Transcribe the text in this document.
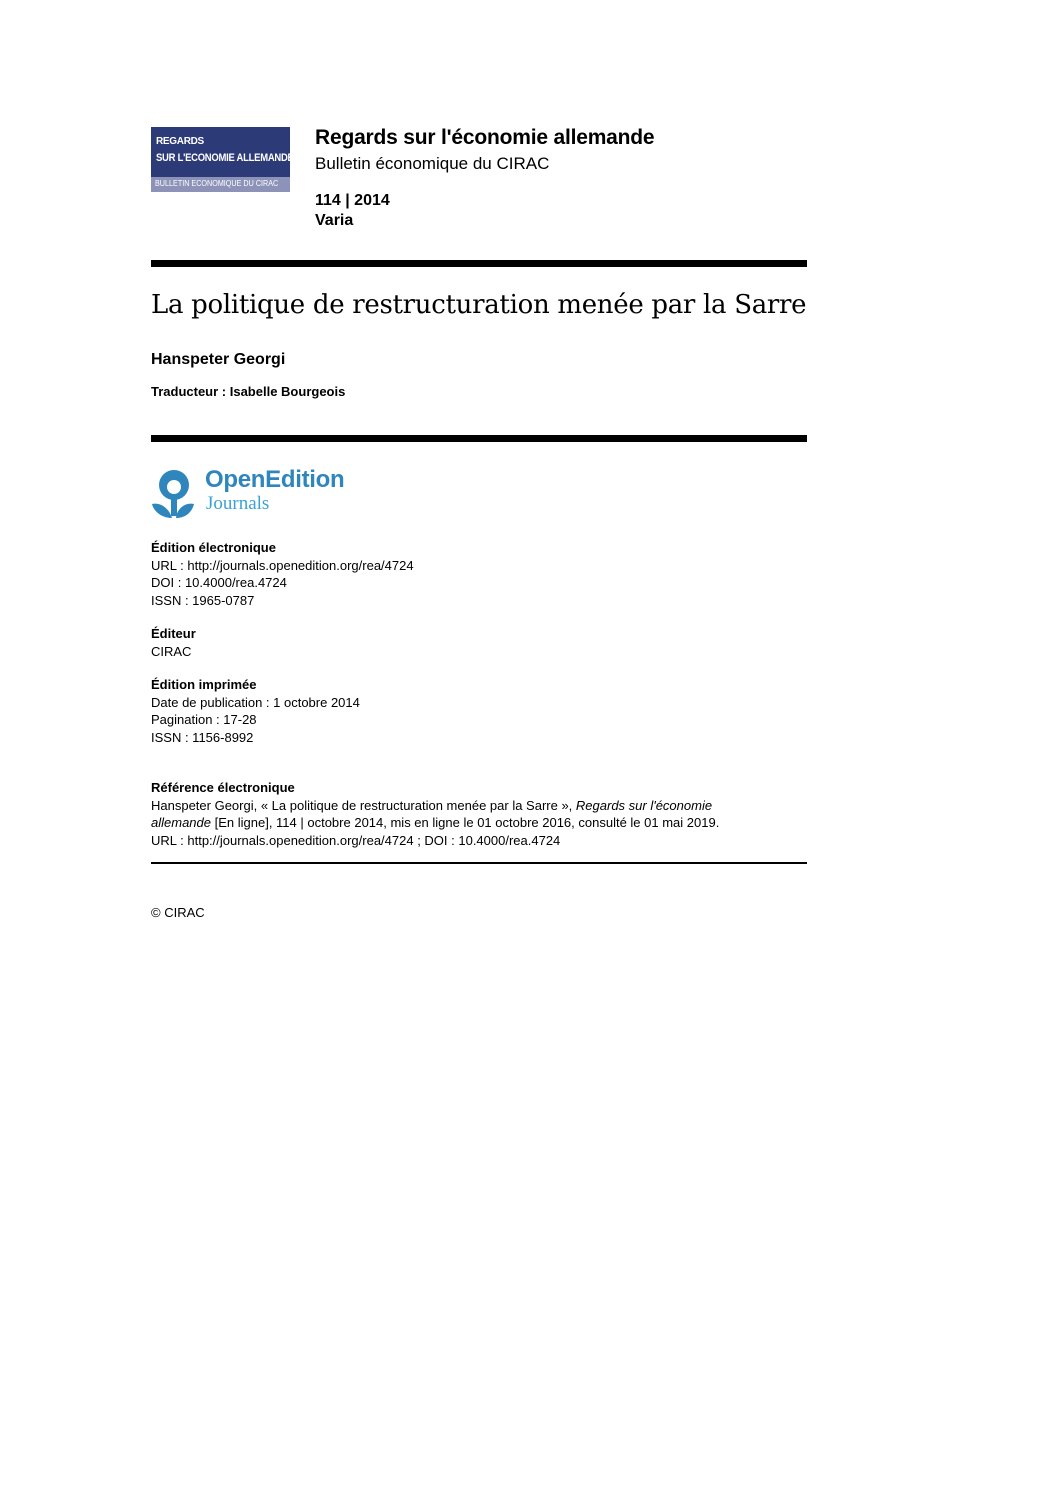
REGARDS
SUR L'ECONOMIE ALLEMANDE
BULLETIN ECONOMIQUE DU CIRAC
Regards sur l'économie allemande
Bulletin économique du CIRAC
114 | 2014
Varia
La politique de restructuration menée par la Sarre
Hanspeter Georgi
Traducteur : Isabelle Bourgeois
OpenEdition
Journals
Édition électronique
URL : http://journals.openedition.org/rea/4724
DOI : 10.4000/rea.4724
ISSN : 1965-0787
Éditeur
CIRAC
Édition imprimée
Date de publication : 1 octobre 2014
Pagination : 17-28
ISSN : 1156-8992
Référence électronique
Hanspeter Georgi, « La politique de restructuration menée par la Sarre », Regards sur l'économie
allemande [En ligne], 114 | octobre 2014, mis en ligne le 01 octobre 2016, consulté le 01 mai 2019.
URL : http://journals.openedition.org/rea/4724 ; DOI : 10.4000/rea.4724
© CIRAC
